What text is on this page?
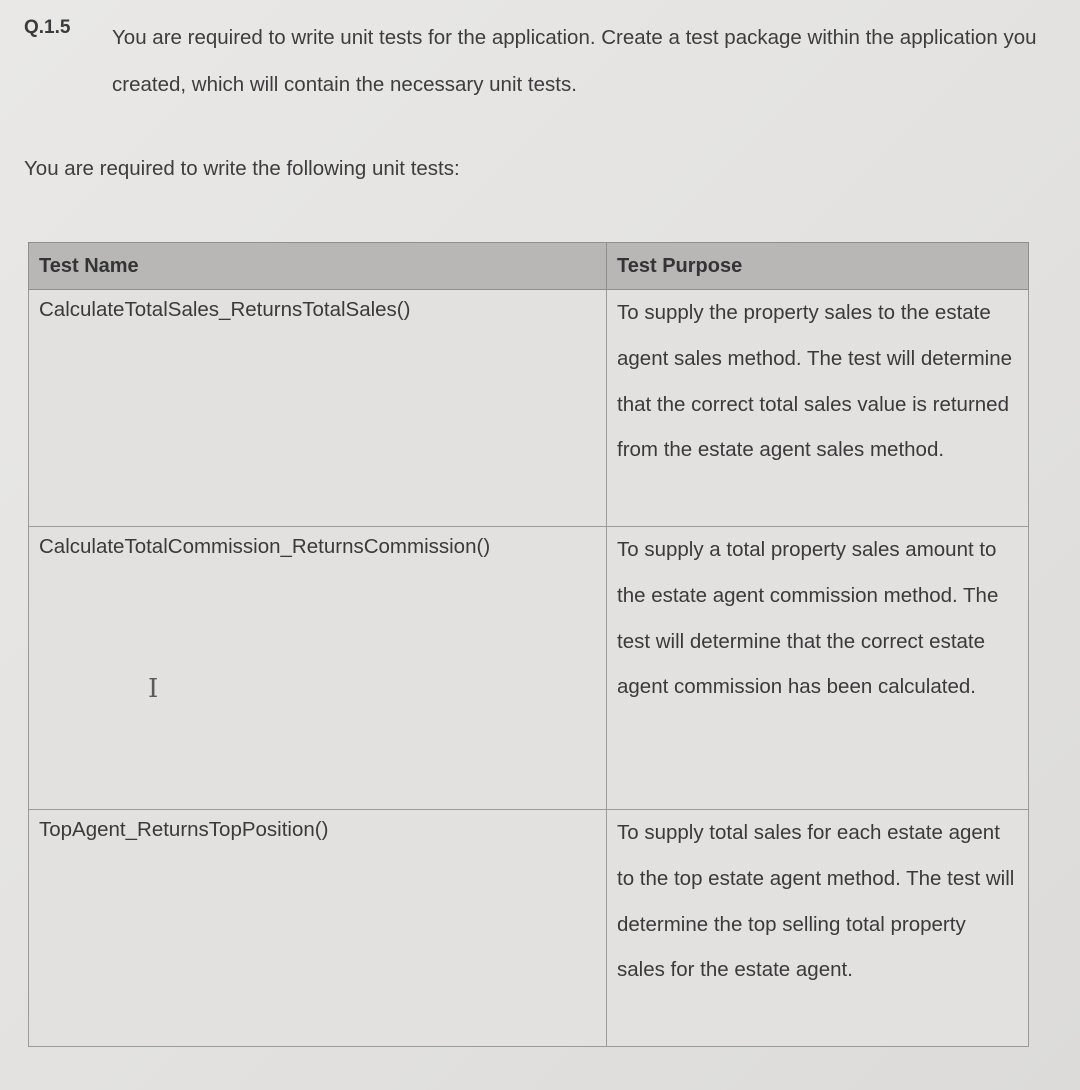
Q.1.5 You are required to write unit tests for the application. Create a test package within the application you created, which will contain the necessary unit tests.
You are required to write the following unit tests:
Test Name	Test Purpose
CalculateTotalSales_ReturnsTotalSales()	To supply the property sales to the estate agent sales method. The test will determine that the correct total sales value is returned from the estate agent sales method.
CalculateTotalCommission_ReturnsCommission()	To supply a total property sales amount to the estate agent commission method. The test will determine that the correct estate agent commission has been calculated.
TopAgent_ReturnsTopPosition()	To supply total sales for each estate agent to the top estate agent method. The test will determine the top selling total property sales for the estate agent.
I
